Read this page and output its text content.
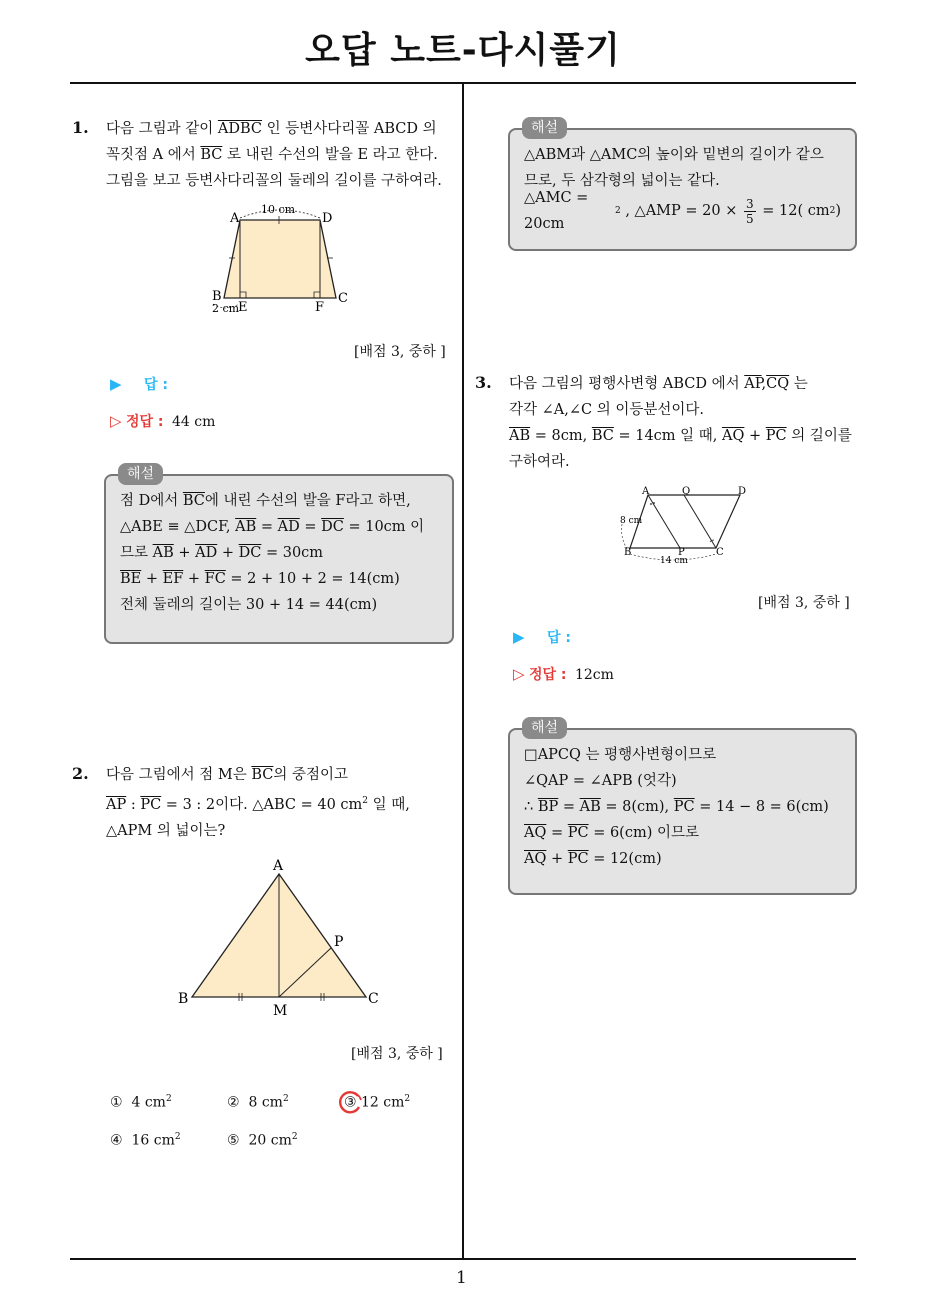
오답 노트-다시풀기
1
1. 다음 그림과 같이 ADBC 인 등변사다리꼴 ABCD 의
꼭짓점 A 에서 $\overline{BC}$ 로 내린 수선의 발을 E 라고 한다.
그림을 보고 등변사다리꼴의 둘레의 길이를 구하여라.
A	D
B
E	F
C
10 cm
2 cm
[배점 3, 중하 ]
▶ 답 :
▷ 정답 : 44 cm
점 D에서 $\overline{BC}$에 내린 수선의 발을 F라고 하면,
△ABE ≡ △DCF, $\overline{AB} = \overline{AD} = \overline{DC} = 10cm$ 이
므로 $\overline{AB} + \overline{AD} + \overline{DC} = 30cm$
$\overline{BE} + \overline{EF} + \overline{FC} = 2 + 10 + 2 = 14(cm)$
전체 둘레의 길이는 30 + 14 = 44(cm)
해설
2. 다음 그림에서 점 M은 $\overline{BC}$의 중점이고
$\overline{AP}$ : $\overline{PC} = 3$ : 2이다. △ABC = 40 $cm^2$ 일 때,
△APM 의 넓이는?
A
B	C
M
P
[배점 3, 중하 ]
① 4 $cm^2$	② 8 $cm^2$	③ 12 $cm^2$
④ 16 $cm^2$	⑤ 20 $cm^2$
△ABM과 △AMC의 높이와 밑변의 길이가 같으
므로, 두 삼각형의 넓이는 같다.
△AMC = 20cm
2 , △AMP = $20 \times \frac{3}{5} = 12$( cm 2 )
해설
3. 다음 그림의 평행사변형 ABCD 에서 $\overline{AP},\overline{CQ}$ 는
각각 ∠A,∠C 의 이등분선이다.
$\overline{AB} = 8cm$, $\overline{BC} = 14cm$ 일 때, $\overline{AQ} + \overline{PC}$ 의 길이를
구하여라.
A	Q	D
B	P	C
8 cm
14 cm
[배점 3, 중하 ]
▶ 답 :
▷ 정답 : 12cm
□APCQ 는 평행사변형이므로
∠QAP = ∠APB (엇각)
∴ $\overline{BP} = \overline{AB} = 8(cm)$, $\overline{PC} = 14 - 8 = 6(cm)$
$\overline{AQ} = \overline{PC} = 6(cm)$ 이므로
$\overline{AQ} + \overline{PC} = 12(cm)$
해설
